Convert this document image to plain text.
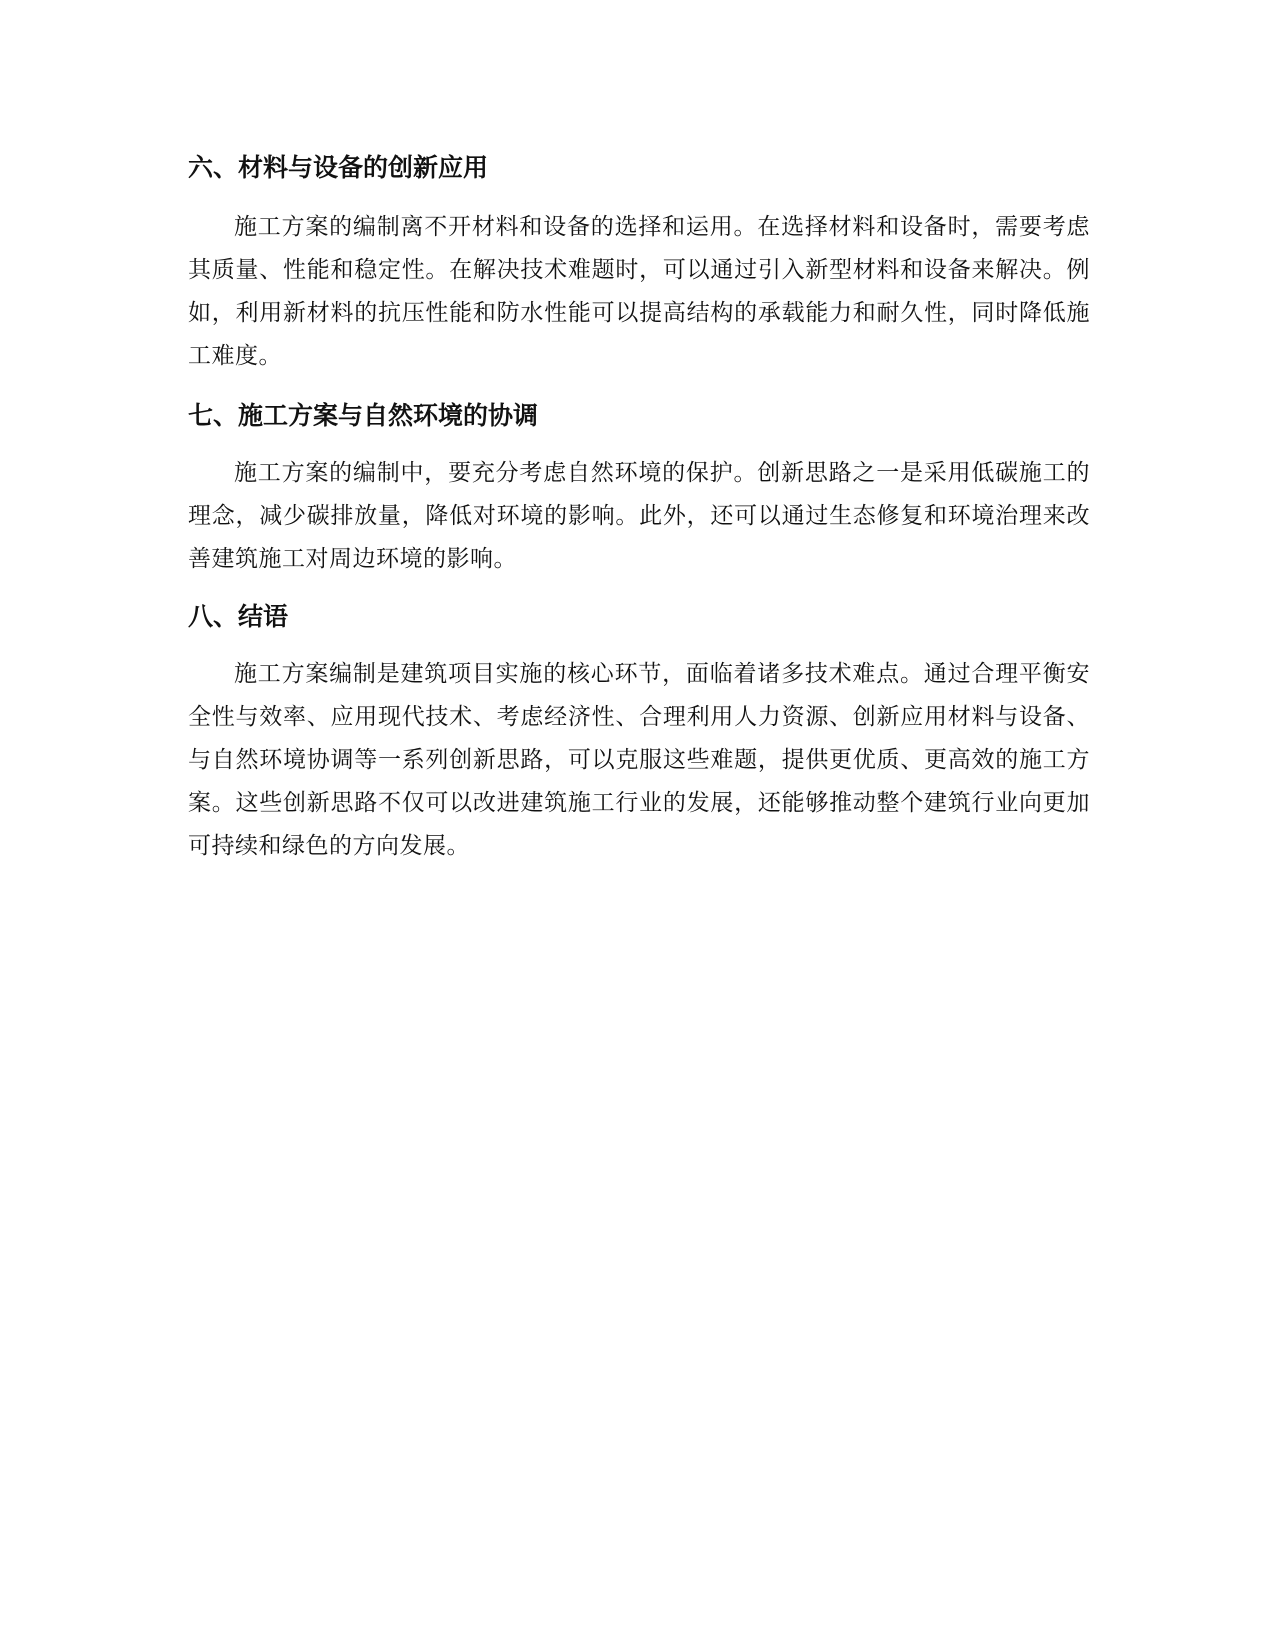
六、材料与设备的创新应用

施工方案的编制离不开材料和设备的选择和运用。在选择材料和设备时，需要考虑其质量、性能和稳定性。在解决技术难题时，可以通过引入新型材料和设备来解决。例如，利用新材料的抗压性能和防水性能可以提高结构的承载能力和耐久性，同时降低施工难度。

七、施工方案与自然环境的协调

施工方案的编制中，要充分考虑自然环境的保护。创新思路之一是采用低碳施工的理念，减少碳排放量，降低对环境的影响。此外，还可以通过生态修复和环境治理来改善建筑施工对周边环境的影响。

八、结语

施工方案编制是建筑项目实施的核心环节，面临着诸多技术难点。通过合理平衡安全性与效率、应用现代技术、考虑经济性、合理利用人力资源、创新应用材料与设备、与自然环境协调等一系列创新思路，可以克服这些难题，提供更优质、更高效的施工方案。这些创新思路不仅可以改进建筑施工行业的发展，还能够推动整个建筑行业向更加可持续和绿色的方向发展。
